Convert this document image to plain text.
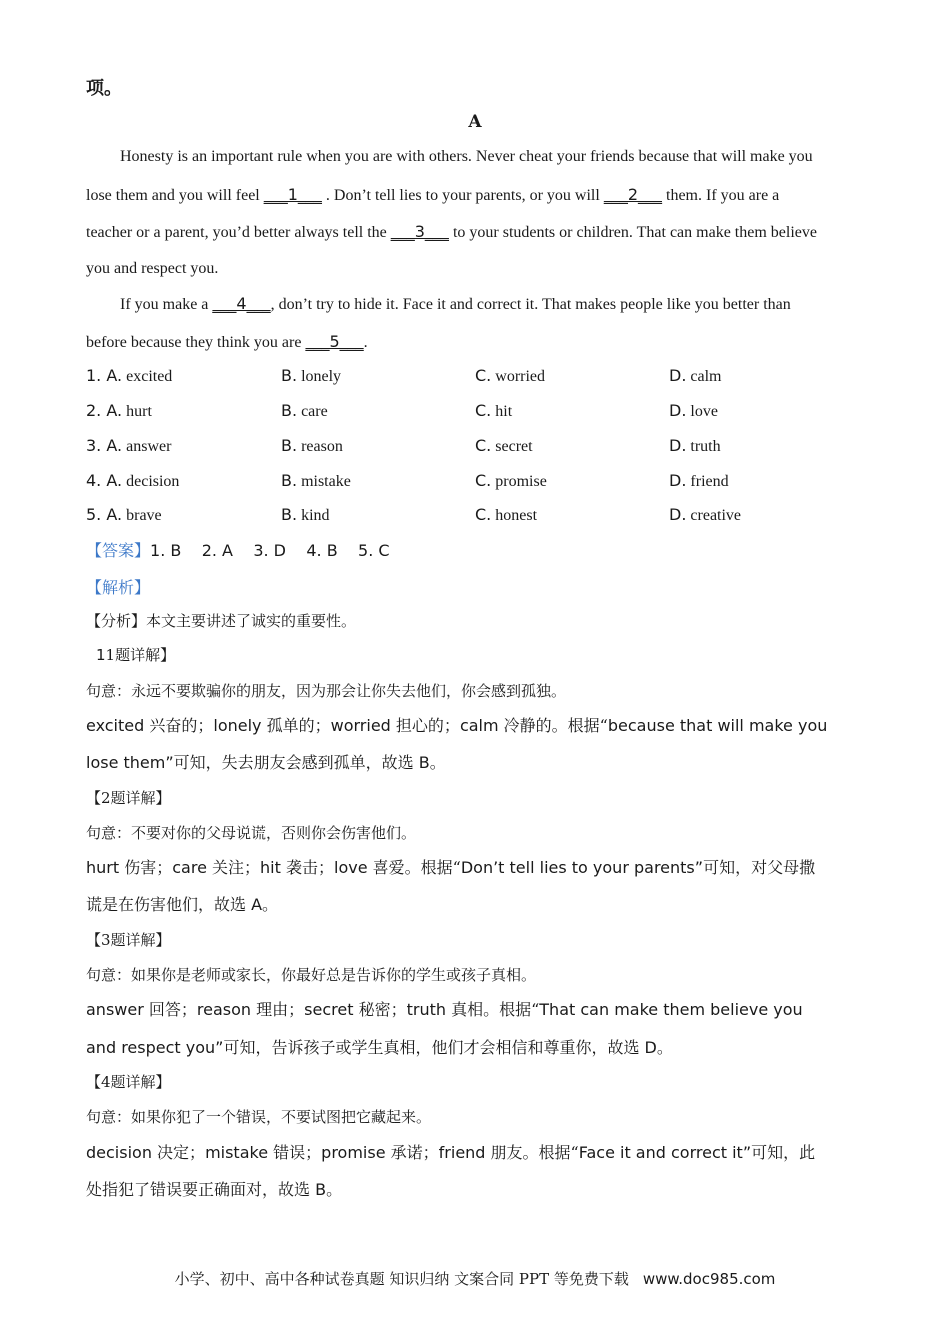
项。
A
Honesty is an important rule when you are with others. Never cheat your friends because that will make you
lose them and you will feel ___1___ . Don’t tell lies to your parents, or you will ___2___ them. If you are a
teacher or a parent, you’d better always tell the ___3___ to your students or children. That can make them believe
you and respect you.
If you make a ___4___, don’t try to hide it. Face it and correct it. That makes people like you better than
before because they think you are ___5___.
1. A. excited	B. lonely	C. worried	D. calm
2. A. hurt	B. care	C. hit	D. love
3. A. answer	B. reason	C. secret	D. truth
4. A. decision	B. mistake	C. promise	D. friend
5. A. brave	B. kind	C. honest	D. creative
【答案】1. B    2. A    3. D    4. B    5. C
【解析】
【分析】本文主要讲述了诚实的重要性。
11题详解】
句意：永远不要欺骗你的朋友，因为那会让你失去他们，你会感到孤独。
excited 兴奋的；lonely 孤单的；worried 担心的；calm 冷静的。根据“because that will make you
lose them”可知，失去朋友会感到孤单，故选 B。
【2题详解】
句意：不要对你的父母说谎，否则你会伤害他们。
hurt 伤害；care 关注；hit 袭击；love 喜爱。根据“Don’t tell lies to your parents”可知，对父母撒
谎是在伤害他们，故选 A。
【3题详解】
句意：如果你是老师或家长，你最好总是告诉你的学生或孩子真相。
answer 回答；reason 理由；secret 秘密；truth 真相。根据“That can make them believe you
and respect you”可知，告诉孩子或学生真相，他们才会相信和尊重你，故选 D。
【4题详解】
句意：如果你犯了一个错误，不要试图把它藏起来。
decision 决定；mistake 错误；promise 承诺；friend 朋友。根据“Face it and correct it”可知，此
处指犯了错误要正确面对，故选 B。
小学、初中、高中各种试卷真题 知识归纳 文案合同 PPT 等免费下载 www.doc985.com
